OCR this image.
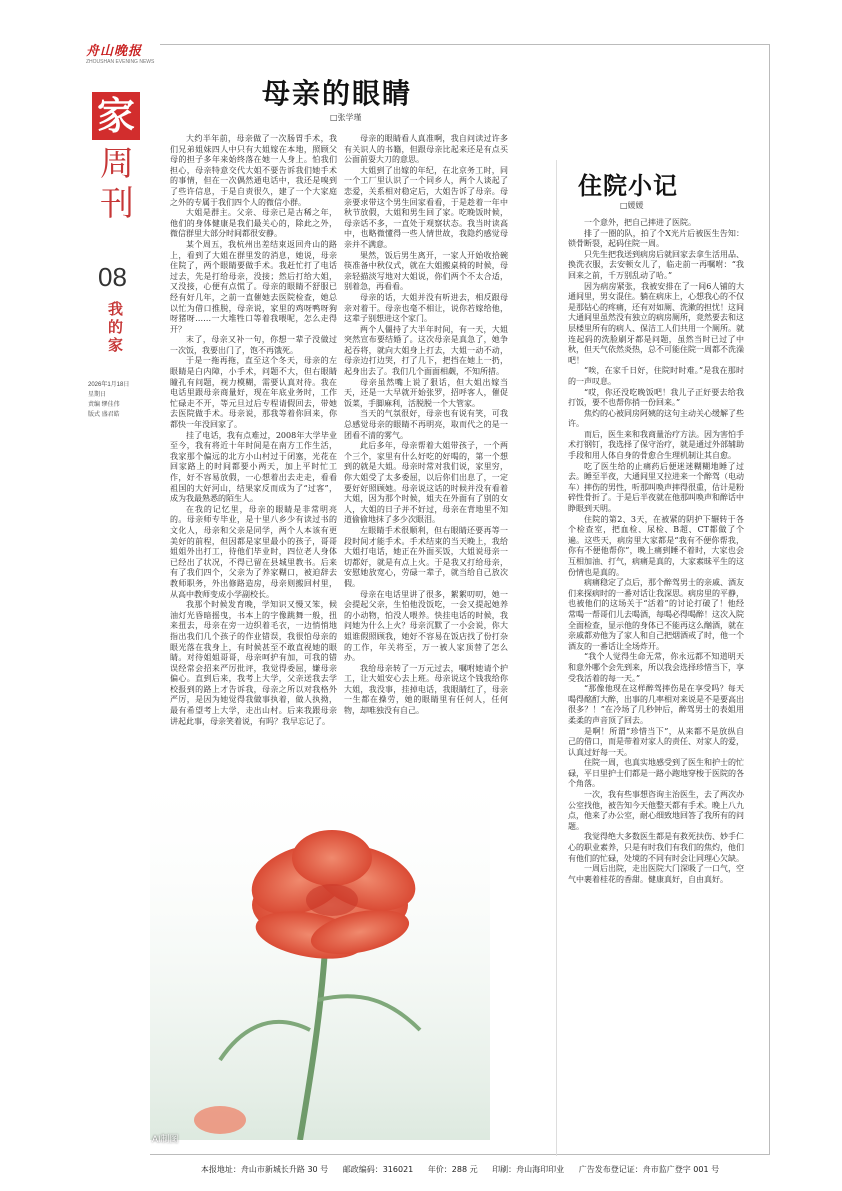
舟山晚报
ZHOUSHAN EVENING NEWS
家
周刊
08
我的家
2026年1月18日
星期日
责编 缪佳伟
版式 盛君皓
母亲的眼睛
□张学瑾

大约半年前，母亲做了一次肠胃手术，我们兄弟姐妹四人中只有大姐嫁在本地，照顾父母的担子多年来始终落在她一人身上。怕我们担心，母亲特意交代大姐不要告诉我们她手术的事情，但在一次偶然通电话中，我还是嗅到了些许信息，于是自责很久，建了一个大家庭之外的专属于我们四个人的微信小群。

大姐是群主。父亲、母亲已是古稀之年，他们的身体健康是我们最关心的，除此之外，微信群里大部分时间都很安静。

某个周五，我杭州出差结束返回舟山的路上，看到了大姐在群里发的消息，她说，母亲住院了，两个眼睛要做手术。我赶忙打了电话过去，先是打给母亲，没接；然后打给大姐，又没接，心便有点慌了。母亲的眼睛不舒服已经有好几年，之前一直催她去医院检查，她总以忙为借口推脱，母亲说，家里的鸡呀鸭呀狗呀猪呀……一大堆牲口等着我喂呢，怎么走得开？

末了，母亲又补一句，你想一辈子没做过一次饭，我要出门了，饱不再饿死。

于是一拖再拖，直至这个冬天，母亲的左眼睛是白内障，小手术，问题不大，但右眼睛瞳孔有问题，视力模糊，需要认真对待。我在电话里跟母亲商量好，现在年底业务时，工作忙碌走不开，等元旦过后专程请假回去，带她去医院做手术。母亲说，那我等着你回来，你都快一年没回家了。

挂了电话，我有点难过，2008年大学毕业至今，我有将近十年时间是在南方工作生活，我家那个偏远的北方小山村过于闭塞，光花在回家路上的时间都要小两天，加上平时忙工作，好不容易放假，一心想着出去走走，看看祖国的大好河山，结果家反而成为了“过客”，成为我最熟悉的陌生人。

在我的记忆里，母亲的眼睛是非常明亮的。母亲师专毕业，是十里八乡少有读过书的文化人，母亲和父亲是同学，两个人本该有更美好的前程，但因都是家里最小的孩子，哥哥姐姐外出打工，待他们毕业时，四位老人身体已经出了状况，不得已留在县城里教书。后来有了我们四个，父亲为了养家糊口，被迫辞去教师职务，外出修路造房，母亲则搬回村里，从高中教师变成小学副校长。

我那个时候发育晚，学知识又慢又笨，候油灯光昏暗摇曳，书本上的字像跳舞一般，扭来扭去，母亲在旁一边织着毛衣，一边悄悄地指出我们几个孩子的作业错误，我很怕母亲的眼光落在我身上，有时候甚至不敢直视她的眼睛。对待姐姐哥哥，母亲呵护有加，可我的错误经常会招来严厉批评，我觉得委屈，嫌母亲偏心。直到后来，我考上大学，父亲送我去学校报到的路上才告诉我，母亲之所以对我格外严厉，是因为她觉得我做事执着，做人执拗，最有希望考上大学，走出山村。后来我跟母亲讲起此事，母亲笑着说，有吗？我早忘记了。

母亲的眼睛看人真准啊，我自问读过许多有关识人的书籍，但跟母亲比起来还是有点买公面前耍大刀的意思。

大姐到了出嫁的年纪，在北京务工时，同一个工厂里认识了一个同乡人，两个人谈起了恋爱，关系相对稳定后，大姐告诉了母亲。母亲要求带这个男生回家看看，于是趁着一年中秋节放假，大姐和男生回了家。吃晚饭时候，母亲话不多，一直处于观察状态。我当时读高中，也略微懂得一些人情世故，我隐约感觉母亲并不满意。

果然，饭后男生离开，一家人开始收拾碗筷准备中秋仪式，就在大姐搬桌椅的时候，母亲轻描淡写地对大姐说，你们两个不太合适，别着急，再看看。

母亲的话，大姐并没有听进去，相反跟母亲对着干。母亲也毫不相让，说你若嫁给他，这辈子别想进这个家门。

两个人僵持了大半年时间，有一天，大姐突然宣布要结婚了。这次母亲是真急了，她争起吞将，就向大姐身上打去，大姐一动不动，母亲边打边哭，打了几下，把挡在她上一扔，起身出去了。我们几个面面相觑，不知所措。

母亲虽然嘴上说了狠话，但大姐出嫁当天，还是一大早就开始张罗，招呼客人，催促饭菜，手脚麻利，活脱脱一个大管家。

当天的气氛很好，母亲也有说有笑，可我总感觉母亲的眼睛不再明亮，取而代之的是一团看不清的雾气。

此后多年，母亲帮着大姐带孩子，一个两个三个，家里有什么好吃的好喝的，第一个想到的就是大姐。母亲时常对我们说，家里穷，你大姐受了太多委屈，以后你们出息了，一定要好好照顾她。母亲说这话的时候并没有看着大姐，因为那个时候，姐夫在外面有了别的女人，大姐的日子并不好过，母亲在背地里不知道偷偷地抹了多少次眼泪。

左眼睛手术很顺利，但右眼睛还要再等一段时间才能手术。手术结束的当天晚上，我给大姐打电话，她正在外面买饭，大姐说母亲一切都好，就是有点上火。于是我又打给母亲，安慰她放宽心，劳碌一辈子，就当给自己放次假。

母亲在电话里讲了很多，絮絮叨叨，她一会提起父亲，生怕他没饭吃，一会又提起她养的小动物，怕没人喂养。快挂电话的时候，我问她为什么上火？母亲沉默了一小会说，你大姐谁假照顾我，她好不容易在饭店找了份打杂的工作，年关将至，万一被人家顶替了怎么办。

我给母亲转了一万元过去，嘱咐她请个护工，让大姐安心去上班。母亲说这个钱我给你大姐，我没事，挂掉电话，我眼睛红了，母亲一生都在操劳，她的眼睛里有任何人，任何物，却唯独没有自己。

住院小记
□媛媛

一个意外，把自己摔进了医院。

排了一圈的队，拍了个X光片后被医生告知：锁骨断裂，起码住院一周。

只先生把我送到病房后就回家去拿生活用品、换洗衣服，去安顿女儿了，临走前一再嘱咐：“我回来之前，千万别乱动了哈。”

因为病房紧张，我被安排在了一间6人铺的大通间里，男女混住。躺在病床上，心想我心的不仅是那钻心的疼痛，还有对如厕、洗漱的担忧！这间大通间里虽然没有独立的病房厕所，竟然要去和这层楼里所有的病人、保洁工人们共用一个厕所。就连起码的洗脸刷牙都是问题，虽然当时已过了中秋，但天气依然炎热，总不可能住院一周都不洗澡吧！

“唉，在家千日好，住院时时难。”是我在那时的一声叹息。

“哎，你还没吃晚饭吧！我儿子正好要去给我打饭，要不也帮你捎一份回来。”

焦灼的心被同房阿姨的这句主动关心缓解了些许。

而后，医生来和我商量治疗方法。因为害怕手术打钢钉，我选择了保守治疗，就是通过外部辅助手段和用人体自身的骨愈合生理机制让其自愈。

吃了医生给的止痛药后便迷迷糊糊地睡了过去。睡至半夜，大通间里又拉进来一个醉驾（电动车）摔伤的男性，听那叫唤声摔得很重，估计是粉碎性骨折了。于是后半夜就在他那叫唤声和醉话中睁眼到天明。

住院的第2、3天，在被紧的阴护下辗转于各个检查室，把血检、尿检、B超、CT都做了个遍。这些天，病房里大家都是“我有不便你帮我，你有不便他帮你”，晚上痛到睡不着时，大家也会互相加油、打气，病痛是真的，大家素昧平生的这份情也是真的。

病痛稳定了点后，那个醉驾男士的亲戚、酒友们来探病时的一番对话让我深思。病房里的平静，也被他们的这场关于“活着”的讨论打破了！他经常喝一帮哥们儿去喝酒，每喝必得喝醉！这次入院全面检查，显示他的身体已不能再这么酗酒，就在亲戚都劝他为了家人和自己把烟酒戒了时，他一个酒友的一番话让全场炸开。

“我个人觉得生命无常，你永远都不知道明天和意外哪个会先到来，所以我会选择珍惜当下，享受我活着的每一天。”

“那像他现在这样醉驾摔伤是在享受吗？每天喝得酩酊大醉，出事的几率相对来说是不是要高出很多？！”在冷场了几秒钟后，醉驾男士的表姐用柔柔的声音顶了回去。

是啊！所谓“珍惜当下”，从来都不是放纵自己的借口，而是带着对家人的责任、对家人的爱，认真过好每一天。

住院一周，也真实地感受到了医生和护士的忙碌，平日里护士们都是一路小跑地穿梭于医院的各个角落。

一次，我有些事想咨询主治医生，去了两次办公室找他，被告知今天他整天都有手术。晚上八九点，他来了办公室，耐心细致地回答了我所有的问题。

我觉得绝大多数医生都是有救死扶伤、妙手仁心的职业素养，只是有时我们有我们的焦灼，他们有他们的忙碌，处境的不同有时会让同理心欠缺。

一周后出院，走出医院大门深吸了一口气，空气中裹着桂花的香甜。健康真好，自由真好。

AI制图
本报地址：舟山市新城长升路 30 号 邮政编码：316021 年价：288 元 印刷：舟山海印印业 广告发布登记证：舟市监广登字 001 号
